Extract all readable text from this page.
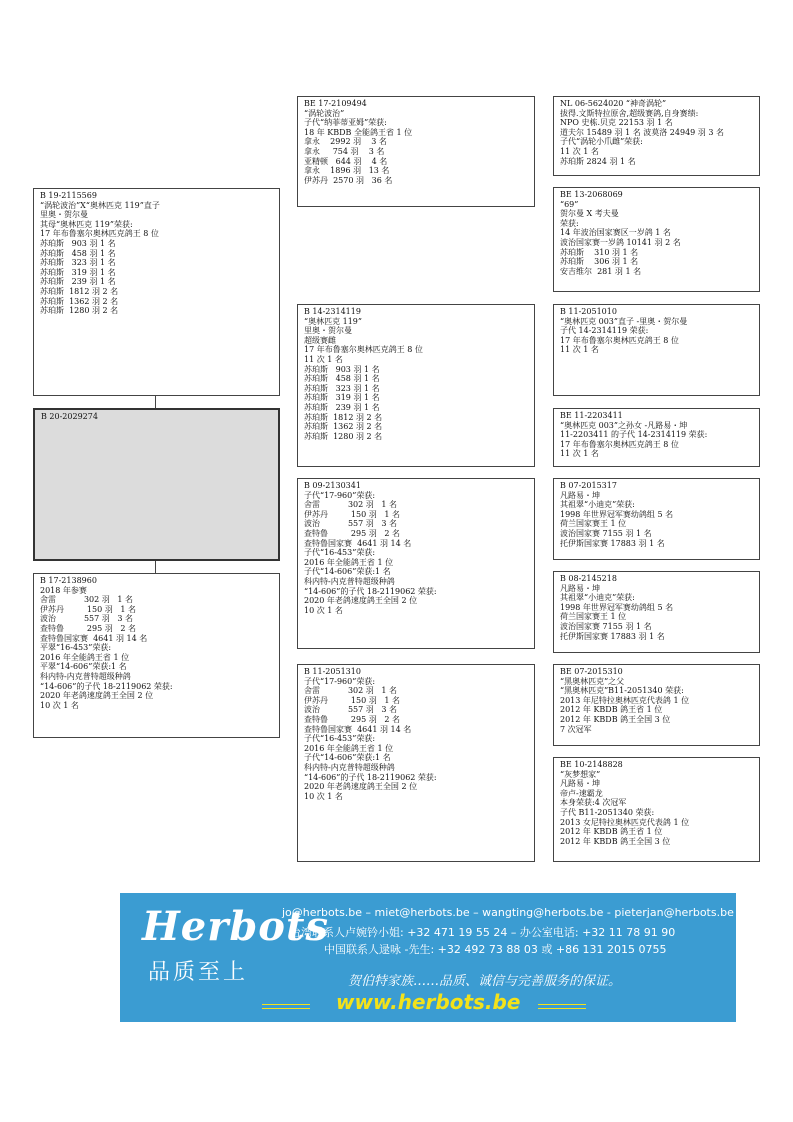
B 20-2029274
B 19-2115569
“涡轮波治”X“奥林匹克 119”直子
里奥・贺尔曼
其母“奥林匹克 119”荣获:
17 年布鲁塞尔奥林匹克鸽王 8 位
苏珀斯   903 羽 1 名
苏珀斯   458 羽 1 名
苏珀斯   323 羽 1 名
苏珀斯   319 羽 1 名
苏珀斯   239 羽 1 名
苏珀斯  1812 羽 2 名
苏珀斯  1362 羽 2 名
苏珀斯  1280 羽 2 名
B 17-2138960
2018 年参赛
舍雷           302 羽   1 名
伊苏丹         150 羽   1 名
波治           557 羽   3 名
查特鲁         295 羽   2 名
查特鲁国家赛  4641 羽 14 名
平翠“16-453”荣获:
2016 年全能鸽王省 1 位
平翠“14-606”荣获:1 名
科内特-内克普特超级种鸽
“14-606”的子代 18-2119062 荣获:
2020 年老鸽速度鸽王全国 2 位
10 次 1 名
BE 17-2109494
“涡轮波治”
子代“纳菲蒂亚姆”荣获:
18 年 KBDB 全能鸽王省 1 位
拿永    2992 羽    3 名
拿永     754 羽    3 名
亚精顿   644 羽    4 名
拿永    1896 羽   13 名
伊苏丹  2570 羽   36 名
B 14-2314119
“奥林匹克 119”
里奥・贺尔曼
超级赛雌
17 年布鲁塞尔奥林匹克鸽王 8 位
11 次 1 名
苏珀斯   903 羽 1 名
苏珀斯   458 羽 1 名
苏珀斯   323 羽 1 名
苏珀斯   319 羽 1 名
苏珀斯   239 羽 1 名
苏珀斯  1812 羽 2 名
苏珀斯  1362 羽 2 名
苏珀斯  1280 羽 2 名
B 09-2130341
子代“17-960”荣获:
舍雷           302 羽   1 名
伊苏丹         150 羽   1 名
波治           557 羽   3 名
查特鲁         295 羽   2 名
查特鲁国家赛  4641 羽 14 名
子代“16-453”荣获:
2016 年全能鸽王省 1 位
子代“14-606”荣获:1 名
科内特-内克普特超级种鸽
“14-606”的子代 18-2119062 荣获:
2020 年老鸽速度鸽王全国 2 位
10 次 1 名
B 11-2051310
子代“17-960”荣获:
舍雷           302 羽   1 名
伊苏丹         150 羽   1 名
波治           557 羽   3 名
查特鲁         295 羽   2 名
查特鲁国家赛  4641 羽 14 名
子代“16-453”荣获:
2016 年全能鸽王省 1 位
子代“14-606”荣获:1 名
科内特-内克普特超级种鸽
“14-606”的子代 18-2119062 荣获:
2020 年老鸽速度鸽王全国 2 位
10 次 1 名
NL 06-5624020 “神奇涡轮”
拔得.文斯特拉原舍,超级赛鸽,自身赛绩:
NPO 史栋.贝克 22153 羽 1 名
道夫尔 15489 羽 1 名 波莫洛 24949 羽 3 名
子代“涡轮小爪雌”荣获:
11 次 1 名
苏珀斯 2824 羽 1 名
BE 13-2068069
“69”
贺尔曼 X 考夫曼
荣获:
14 年波治国家赛区一岁鸽 1 名
波治国家赛一岁鸽 10141 羽 2 名
苏珀斯    310 羽 1 名
苏珀斯    306 羽 1 名
安吉维尔  281 羽 1 名
B 11-2051010
“奥林匹克 003”直子 -里奥・贺尔曼
子代 14-2314119 荣获:
17 年布鲁塞尔奥林匹克鸽王 8 位
11 次 1 名
BE 11-2203411
“奥林匹克 003”之孙女 -凡路易・坤
11-2203411 的子代 14-2314119 荣获:
17 年布鲁塞尔奥林匹克鸽王 8 位
11 次 1 名
B 07-2015317
凡路易・坤
其祖翠“小迪克”荣获:
1998 年世界冠军赛幼鸽组 5 名
荷兰国家赛王 1 位
波治国家赛 7155 羽 1 名
托伊斯国家赛 17883 羽 1 名
B 08-2145218
凡路易・坤
其祖翠“小迪克”荣获:
1998 年世界冠军赛幼鸽组 5 名
荷兰国家赛王 1 位
波治国家赛 7155 羽 1 名
托伊斯国家赛 17883 羽 1 名
BE 07-2015310
“黑奥林匹克”之父
“黑奥林匹克”B11-2051340 荣获:
2013 年尼特拉奥林匹克代表鸽 1 位
2012 年 KBDB 鸽王省 1 位
2012 年 KBDB 鸽王全国 3 位
7 次冠军
BE 10-2148828
“灰梦想家”
凡路易・坤
帝卢-速霸龙
本身荣获:4 次冠军
子代 B11-2051340 荣获:
2013 女尼特拉奥林匹克代表鸽 1 位
2012 年 KBDB 鸽王省 1 位
2012 年 KBDB 鸽王全国 3 位
Herbots
品质至上
jo@herbots.be – miet@herbots.be – wangting@herbots.be - pieterjan@herbots.be
台湾联系人卢婉钤小姐: +32 471 19 55 24 – 办公室电话: +32 11 78 91 90
中国联系人逯咏 -先生: +32 492 73 88 03 或 +86 131 2015 0755
贺伯特家族……品质、诚信与完善服务的保证。
www.herbots.be
